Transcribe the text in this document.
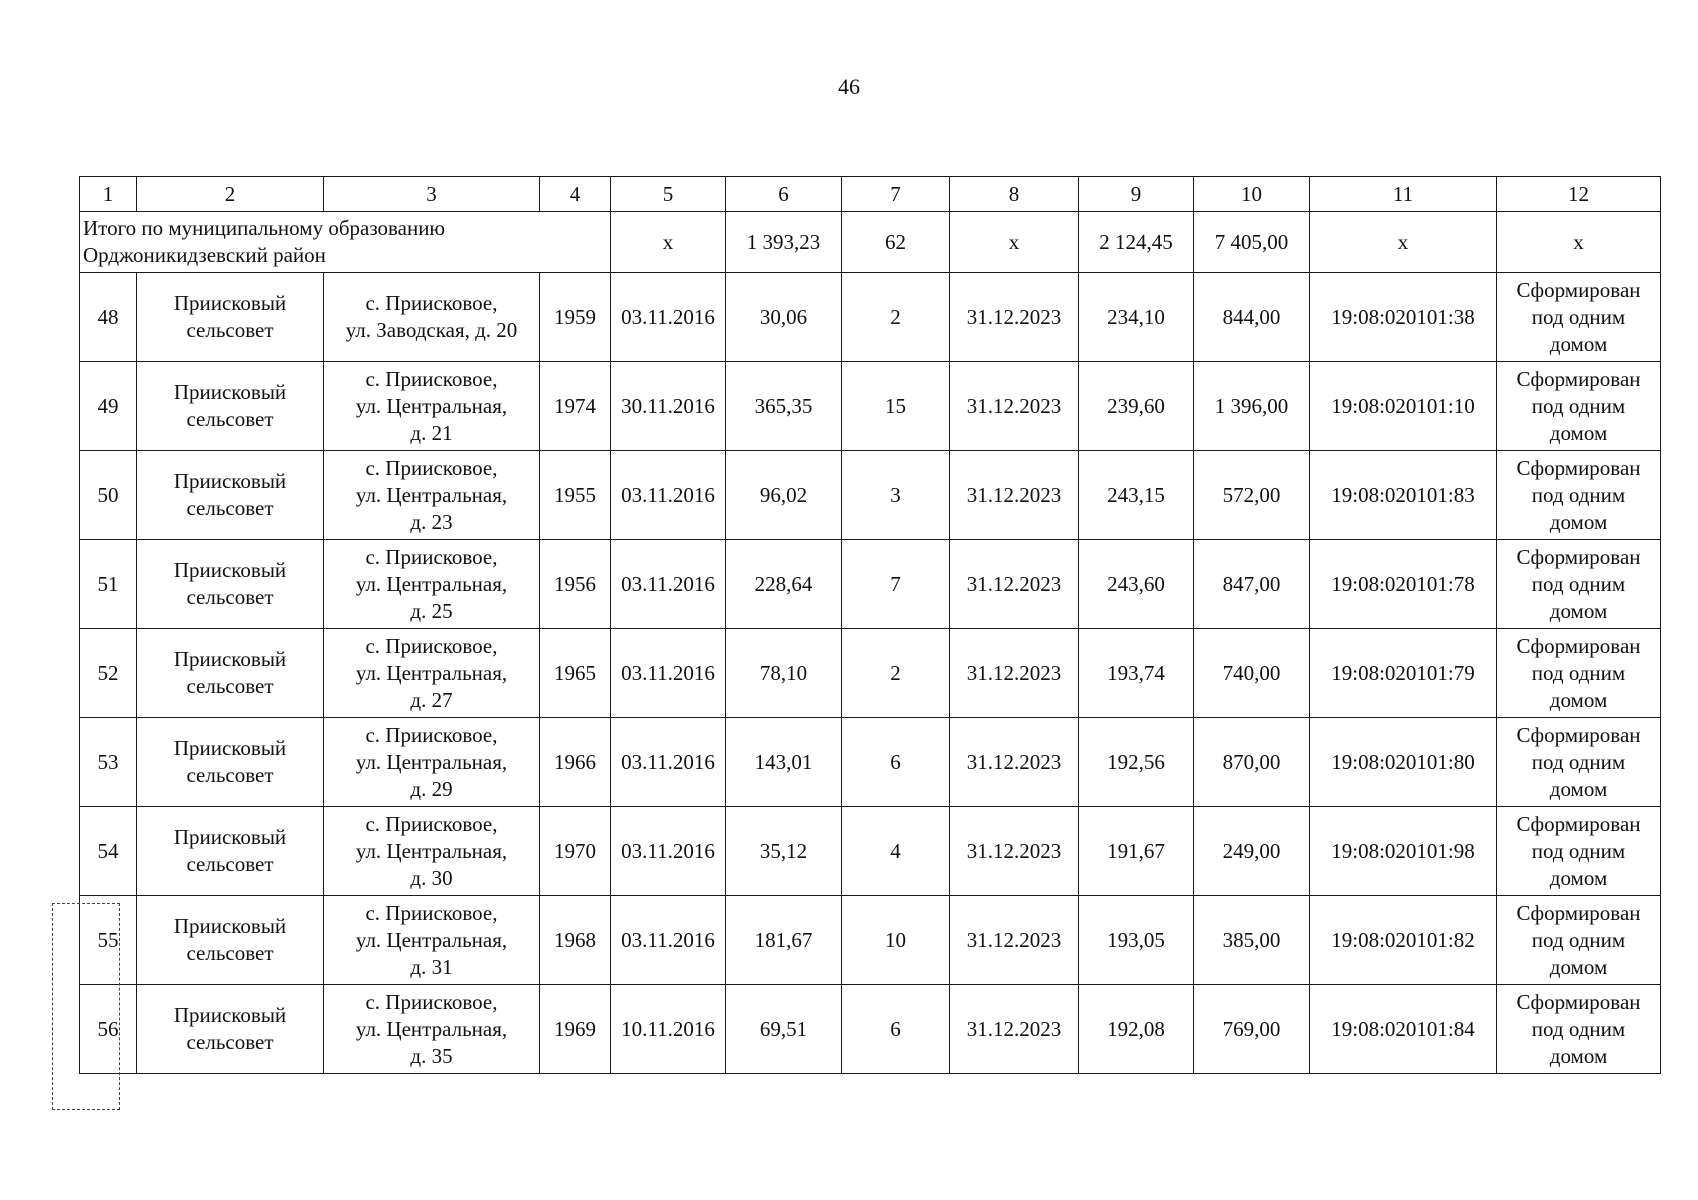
46
1	2	3	4	5	6	7	8	9	10	11	12

Итого по муниципальному образованию
Орджоникидзевский район				х	1 393,23	62	х	2 124,45	7 405,00	х	х
48	Приисковый
сельсовет	с. Приисковое,
ул. Заводская, д. 20	1959	03.11.2016	30,06	2	31.12.2023	234,10	844,00	19:08:020101:38	Сформирован
под одним
домом

49	Приисковый
сельсовет	с. Приисковое,
ул. Центральная,
д. 21	1974	30.11.2016	365,35	15	31.12.2023	239,60	1 396,00	19:08:020101:10	Сформирован
под одним
домом

50	Приисковый
сельсовет	с. Приисковое,
ул. Центральная,
д. 23	1955	03.11.2016	96,02	3	31.12.2023	243,15	572,00	19:08:020101:83	Сформирован
под одним
домом

51	Приисковый
сельсовет	с. Приисковое,
ул. Центральная,
д. 25	1956	03.11.2016	228,64	7	31.12.2023	243,60	847,00	19:08:020101:78	Сформирован
под одним
домом

52	Приисковый
сельсовет	с. Приисковое,
ул. Центральная,
д. 27	1965	03.11.2016	78,10	2	31.12.2023	193,74	740,00	19:08:020101:79	Сформирован
под одним
домом

53	Приисковый
сельсовет	с. Приисковое,
ул. Центральная,
д. 29	1966	03.11.2016	143,01	6	31.12.2023	192,56	870,00	19:08:020101:80	Сформирован
под одним
домом

54	Приисковый
сельсовет	с. Приисковое,
ул. Центральная,
д. 30	1970	03.11.2016	35,12	4	31.12.2023	191,67	249,00	19:08:020101:98	Сформирован
под одним
домом

55	Приисковый
сельсовет	с. Приисковое,
ул. Центральная,
д. 31	1968	03.11.2016	181,67	10	31.12.2023	193,05	385,00	19:08:020101:82	Сформирован
под одним
домом

56	Приисковый
сельсовет	с. Приисковое,
ул. Центральная,
д. 35	1969	10.11.2016	69,51	6	31.12.2023	192,08	769,00	19:08:020101:84	Сформирован
под одним
домом
